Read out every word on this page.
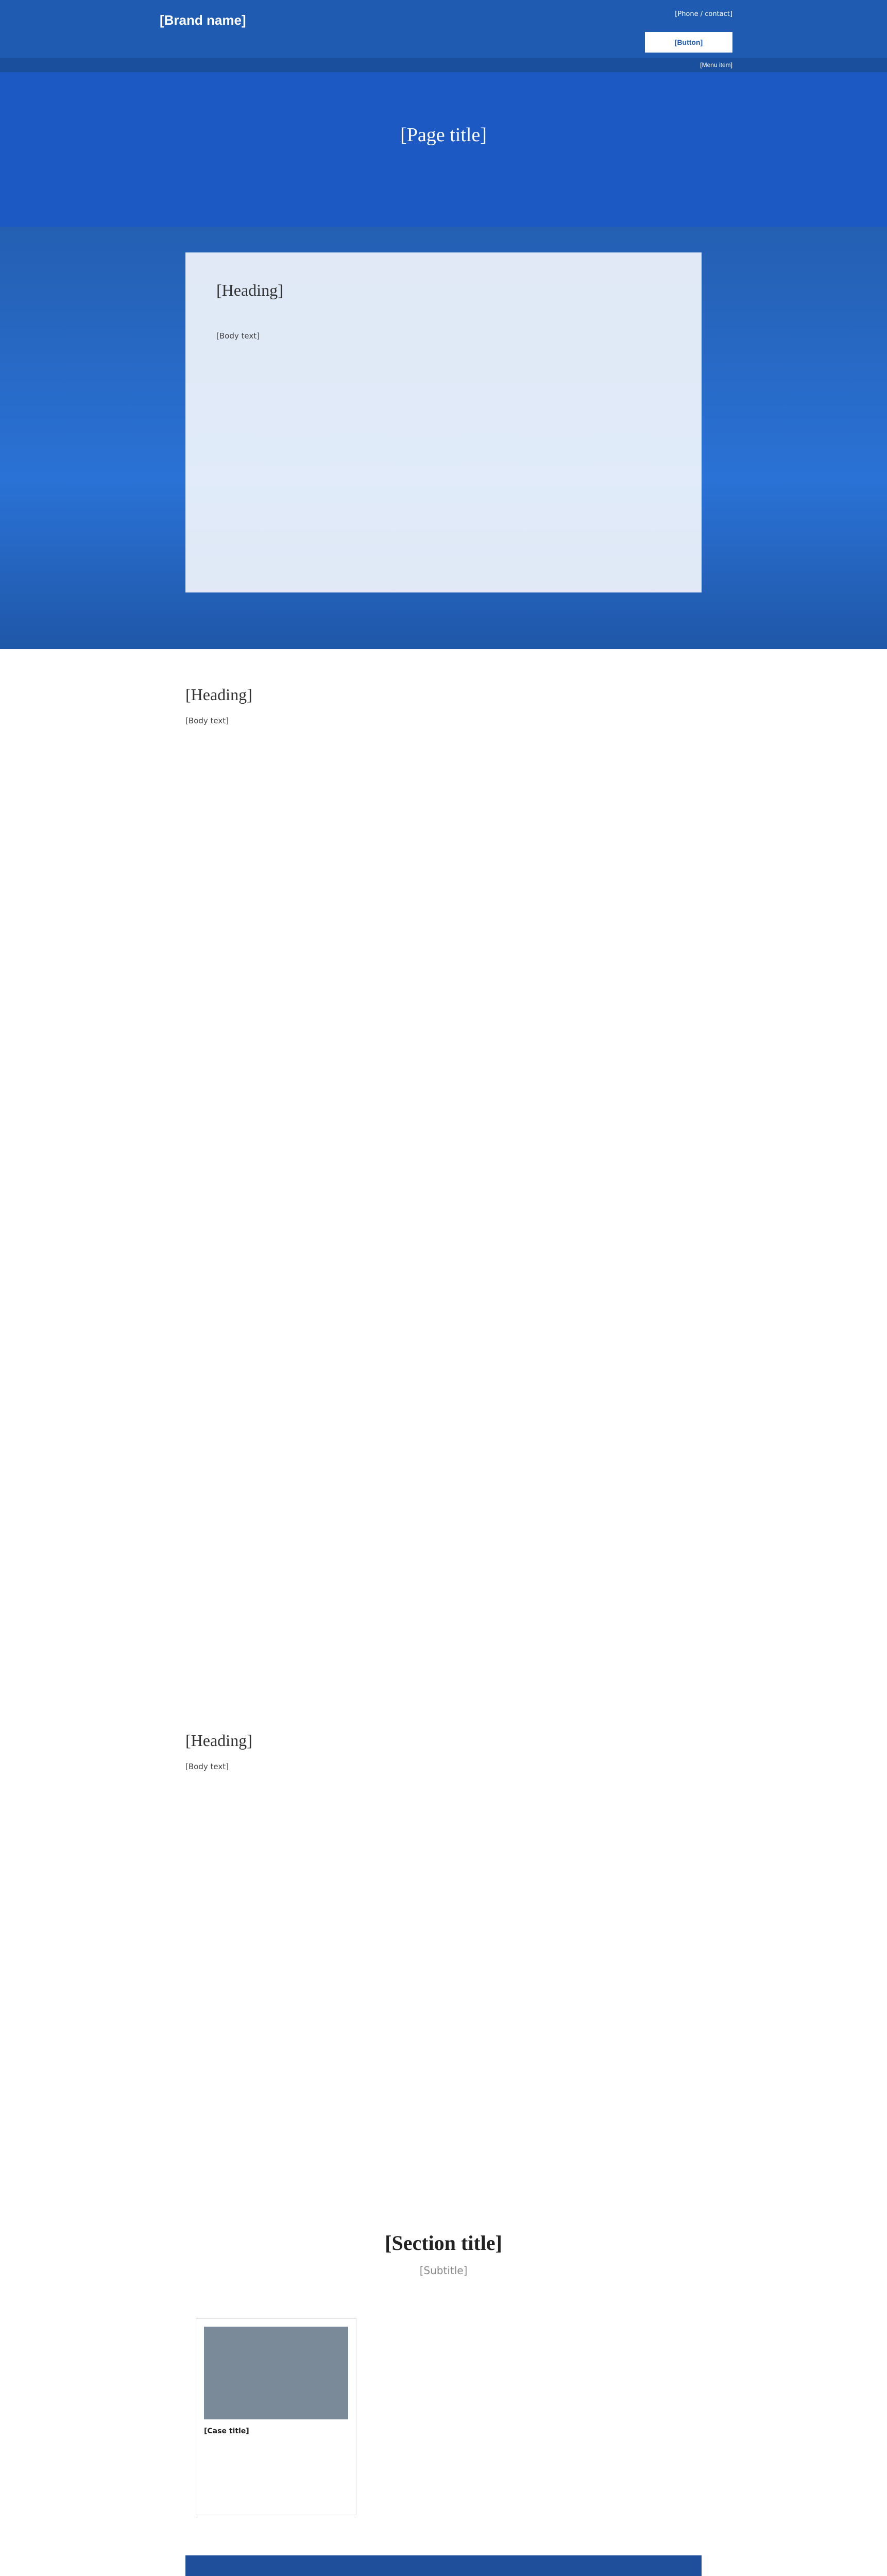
[Brand name]	[Phone / contact]
[Button]
[Menu item]
[Page title]
[Heading]

[Body text]

[Heading]

[Body text]

[Heading]

[Body text]

[Section title]
[Subtitle]
[Case title]
